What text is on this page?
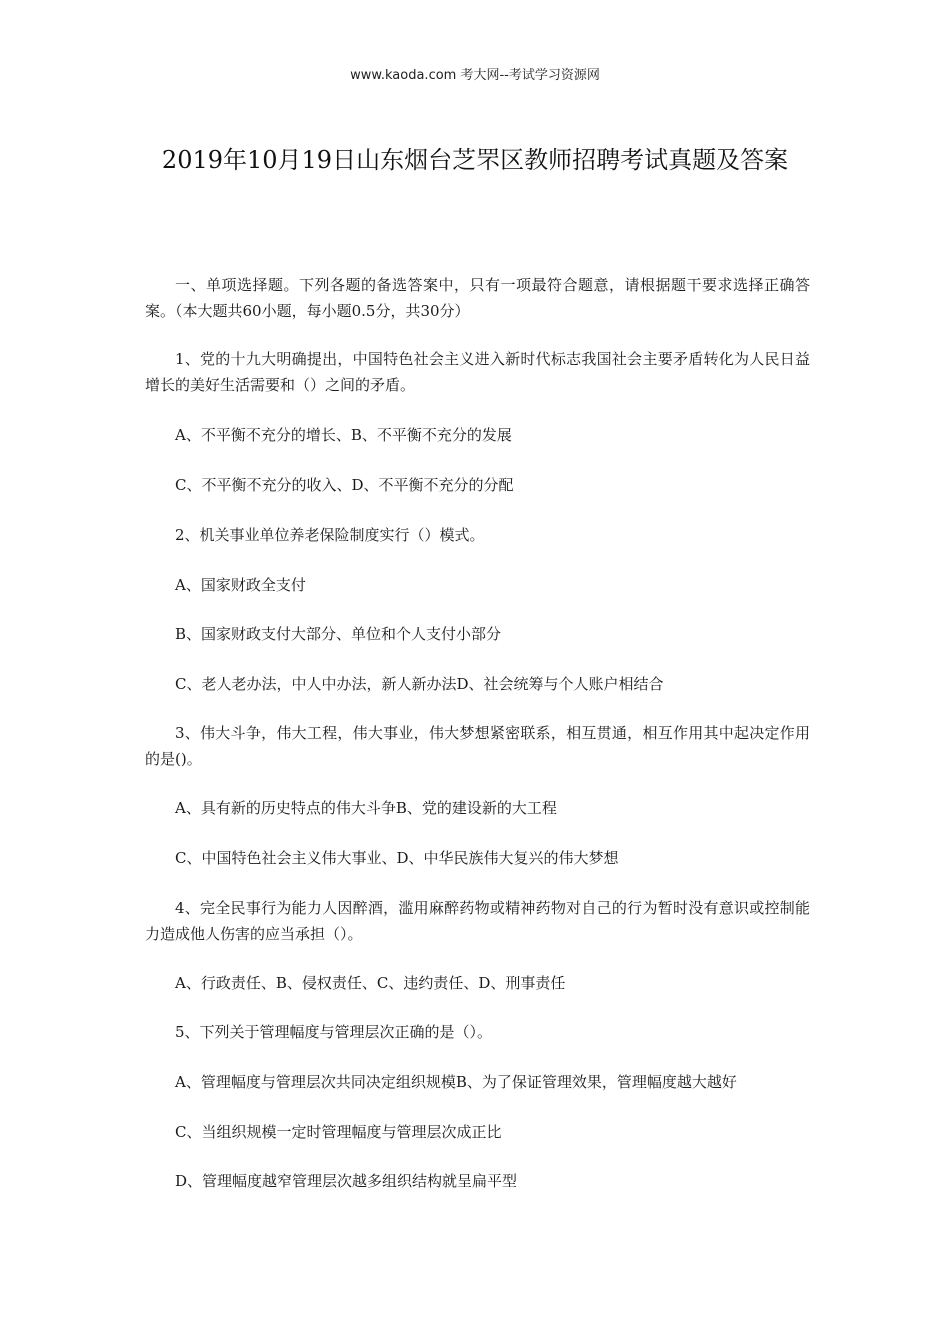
www.kaoda.com 考大网--考试学习资源网
2019年10月19日山东烟台芝罘区教师招聘考试真题及答案

一、单项选择题。下列各题的备选答案中，只有一项最符合题意，请根据题干要求选择正确答案。（本大题共60小题，每小题0.5分，共30分）

1、党的十九大明确提出，中国特色社会主义进入新时代标志我国社会主要矛盾转化为人民日益增长的美好生活需要和（）之间的矛盾。

A、不平衡不充分的增长、B、不平衡不充分的发展

C、不平衡不充分的收入、D、不平衡不充分的分配

2、机关事业单位养老保险制度实行（）模式。

A、国家财政全支付

B、国家财政支付大部分、单位和个人支付小部分

C、老人老办法，中人中办法，新人新办法D、社会统筹与个人账户相结合

3、伟大斗争，伟大工程，伟大事业，伟大梦想紧密联系，相互贯通，相互作用其中起决定作用的是()。

A、具有新的历史特点的伟大斗争B、党的建设新的大工程

C、中国特色社会主义伟大事业、D、中华民族伟大复兴的伟大梦想

4、完全民事行为能力人因醉酒，滥用麻醉药物或精神药物对自己的行为暂时没有意识或控制能力造成他人伤害的应当承担（）。

A、行政责任、B、侵权责任、C、违约责任、D、刑事责任

5、下列关于管理幅度与管理层次正确的是（）。

A、管理幅度与管理层次共同决定组织规模B、为了保证管理效果，管理幅度越大越好

C、当组织规模一定时管理幅度与管理层次成正比

D、管理幅度越窄管理层次越多组织结构就呈扁平型
